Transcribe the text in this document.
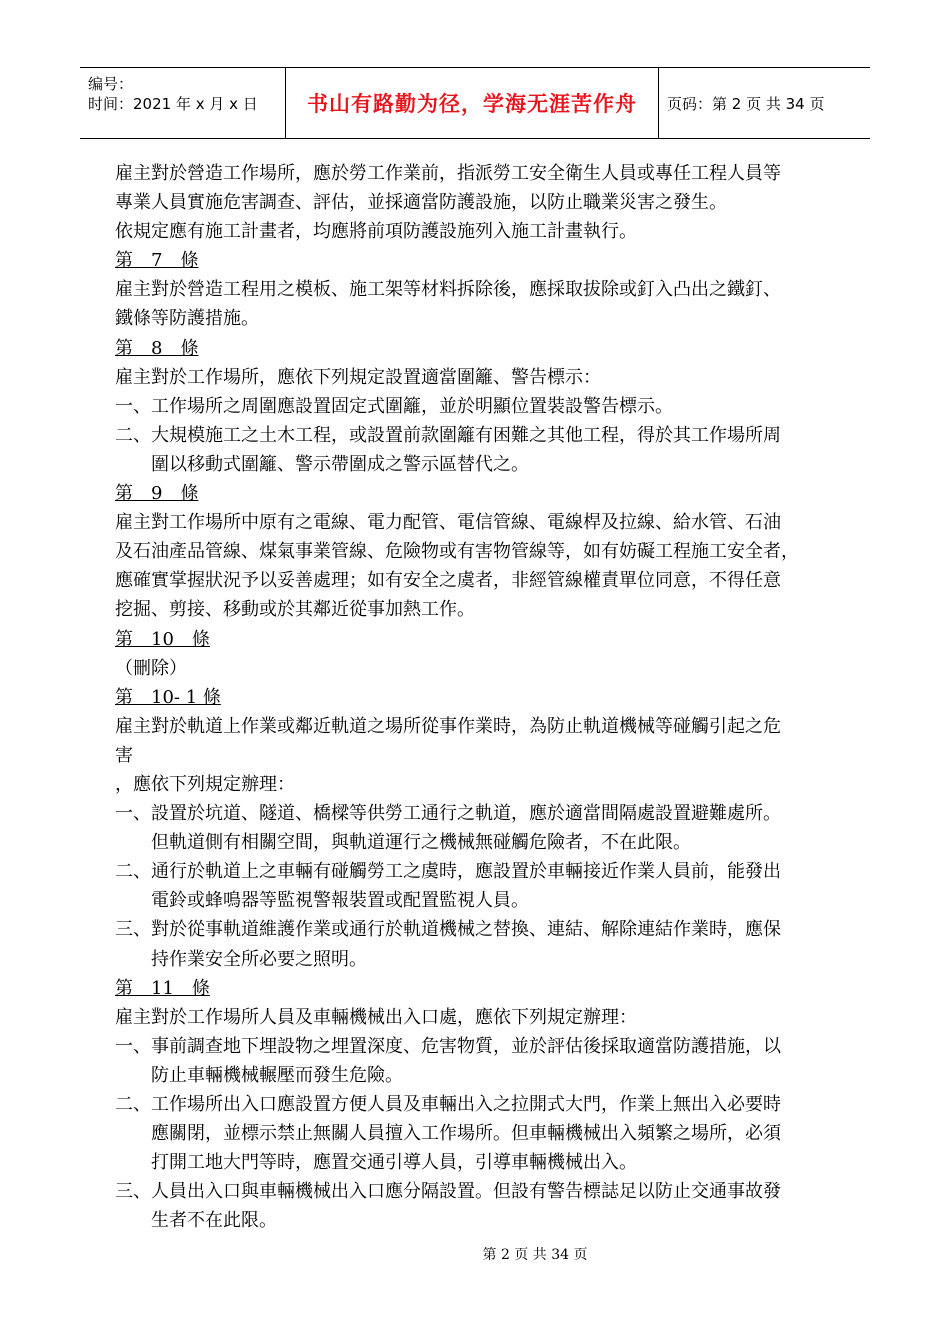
编号：
时间：2021 年 x 月 x 日	书山有路勤为径，学海无涯苦作舟	页码：第 2 页 共 34 页
雇主對於營造工作場所，應於勞工作業前，指派勞工安全衛生人員或專任工程人員等
專業人員實施危害調查、評估，並採適當防護設施，以防止職業災害之發生。
依規定應有施工計畫者，均應將前項防護設施列入施工計畫執行。
第　7　條
雇主對於營造工程用之模板、施工架等材料拆除後，應採取拔除或釘入凸出之鐵釘、
鐵條等防護措施。
第　8　條
雇主對於工作場所，應依下列規定設置適當圍籬、警告標示：
一、工作場所之周圍應設置固定式圍籬，並於明顯位置裝設警告標示。
二、大規模施工之土木工程，或設置前款圍籬有困難之其他工程，得於其工作場所周
圍以移動式圍籬、警示帶圍成之警示區替代之。
第　9　條
雇主對工作場所中原有之電線、電力配管、電信管線、電線桿及拉線、給水管、石油
及石油產品管線、煤氣事業管線、危險物或有害物管線等，如有妨礙工程施工安全者，
應確實掌握狀況予以妥善處理；如有安全之虞者，非經管線權責單位同意，不得任意
挖掘、剪接、移動或於其鄰近從事加熱工作。
第　10　條
（刪除）
第　10- 1 條
雇主對於軌道上作業或鄰近軌道之場所從事作業時，為防止軌道機械等碰觸引起之危
害
，應依下列規定辦理：
一、設置於坑道、隧道、橋樑等供勞工通行之軌道，應於適當間隔處設置避難處所。
但軌道側有相關空間，與軌道運行之機械無碰觸危險者，不在此限。
二、通行於軌道上之車輛有碰觸勞工之虞時，應設置於車輛接近作業人員前，能發出
電鈴或蜂鳴器等監視警報裝置或配置監視人員。
三、對於從事軌道維護作業或通行於軌道機械之替換、連結、解除連結作業時，應保
持作業安全所必要之照明。
第　11　條
雇主對於工作場所人員及車輛機械出入口處，應依下列規定辦理：
一、事前調查地下埋設物之埋置深度、危害物質，並於評估後採取適當防護措施，以
防止車輛機械輾壓而發生危險。
二、工作場所出入口應設置方便人員及車輛出入之拉開式大門，作業上無出入必要時
應關閉，並標示禁止無關人員擅入工作場所。但車輛機械出入頻繁之場所，必須
打開工地大門等時，應置交通引導人員，引導車輛機械出入。
三、人員出入口與車輛機械出入口應分隔設置。但設有警告標誌足以防止交通事故發
生者不在此限。
第 2 页 共 34 页
